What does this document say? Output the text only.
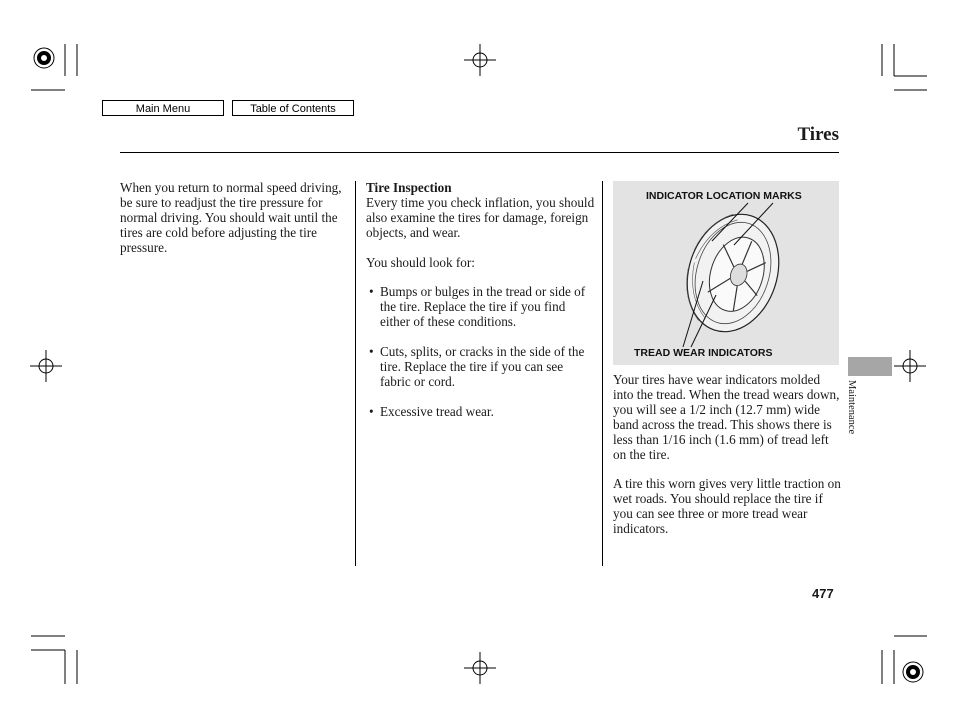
Main Menu	Table of Contents
Tires

When you return to normal speed driving, be sure to readjust the tire pressure for normal driving. You should wait until the tires are cold before adjusting the tire pressure.

Tire Inspection

Every time you check inflation, you should also examine the tires for damage, foreign objects, and wear.

You should look for:

• Bumps or bulges in the tread or side of the tire. Replace the tire if you find either of these conditions.
• Cuts, splits, or cracks in the side of the tire. Replace the tire if you can see fabric or cord.
• Excessive tread wear.
INDICATOR LOCATION MARKS
TREAD WEAR INDICATORS

Your tires have wear indicators molded into the tread. When the tread wears down, you will see a 1/2 inch (12.7 mm) wide band across the tread. This shows there is less than 1/16 inch (1.6 mm) of tread left on the tire.

A tire this worn gives very little traction on wet roads. You should replace the tire if you can see three or more tread wear indicators.

Maintenance
477
